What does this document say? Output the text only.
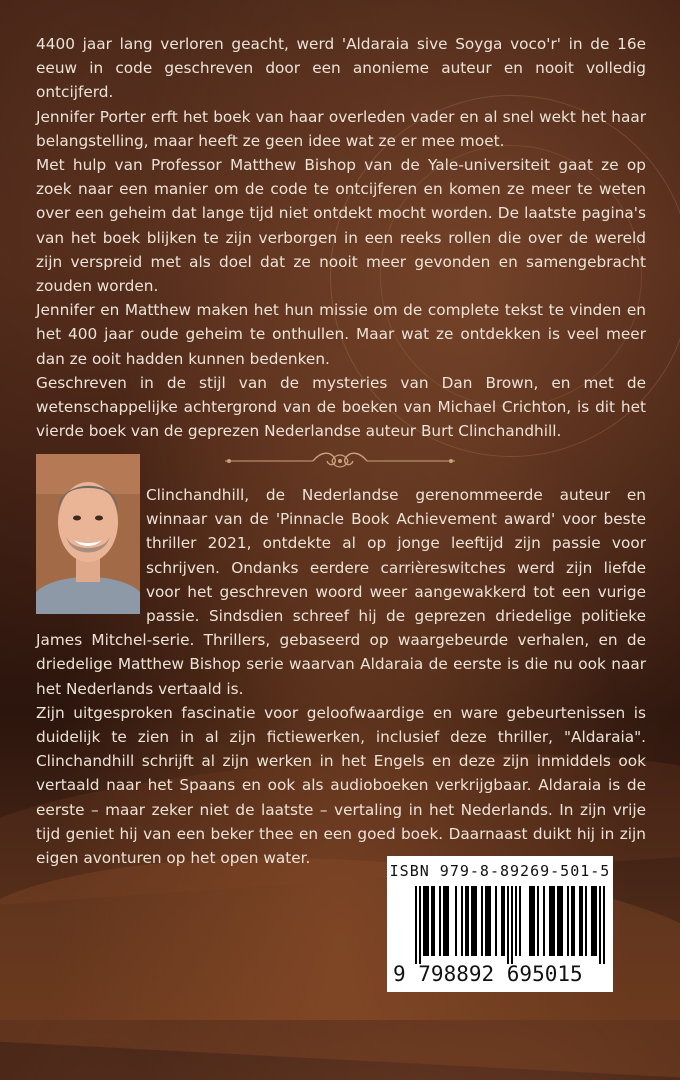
4400 jaar lang verloren geacht, werd 'Aldaraia sive Soyga voco'r' in de 16e eeuw in code geschreven door een anonieme auteur en nooit volledig ontcijferd.

Jennifer Porter erft het boek van haar overleden vader en al snel wekt het haar belangstelling, maar heeft ze geen idee wat ze er mee moet.

Met hulp van Professor Matthew Bishop van de Yale-universiteit gaat ze op zoek naar een manier om de code te ontcijferen en komen ze meer te weten over een geheim dat lange tijd niet ontdekt mocht worden. De laatste pagina's van het boek blijken te zijn verborgen in een reeks rollen die over de wereld zijn verspreid met als doel dat ze nooit meer gevonden en samengebracht zouden worden.

Jennifer en Matthew maken het hun missie om de complete tekst te vinden en het 400 jaar oude geheim te onthullen. Maar wat ze ontdekken is veel meer dan ze ooit hadden kunnen bedenken.

Geschreven in de stijl van de mysteries van Dan Brown, en met de wetenschappelijke achtergrond van de boeken van Michael Crichton, is dit het vierde boek van de geprezen Nederlandse auteur Burt Clinchandhill.

Clinchandhill, de Nederlandse gerenommeerde auteur en winnaar van de 'Pinnacle Book Achievement award' voor beste thriller 2021, ontdekte al op jonge leeftijd zijn passie voor schrijven. Ondanks eerdere carrièreswitches werd zijn liefde voor het geschreven woord weer aangewakkerd tot een vurige passie. Sindsdien schreef hij de geprezen driedelige politieke James Mitchel-serie. Thrillers, gebaseerd op waargebeurde verhalen, en de driedelige Matthew Bishop serie waarvan Aldaraia de eerste is die nu ook naar het Nederlands vertaald is.

Zijn uitgesproken fascinatie voor geloofwaardige en ware gebeurtenissen is duidelijk te zien in al zijn fictiewerken, inclusief deze thriller, "Aldaraia". Clinchandhill schrijft al zijn werken in het Engels en deze zijn inmiddels ook vertaald naar het Spaans en ook als audioboeken verkrijgbaar. Aldaraia is de eerste – maar zeker niet de laatste – vertaling in het Nederlands. In zijn vrije tijd geniet hij van een beker thee en een goed boek. Daarnaast duikt hij in zijn eigen avonturen op het open water.

ISBN 979-8-89269-501-5
9 798892 695015
